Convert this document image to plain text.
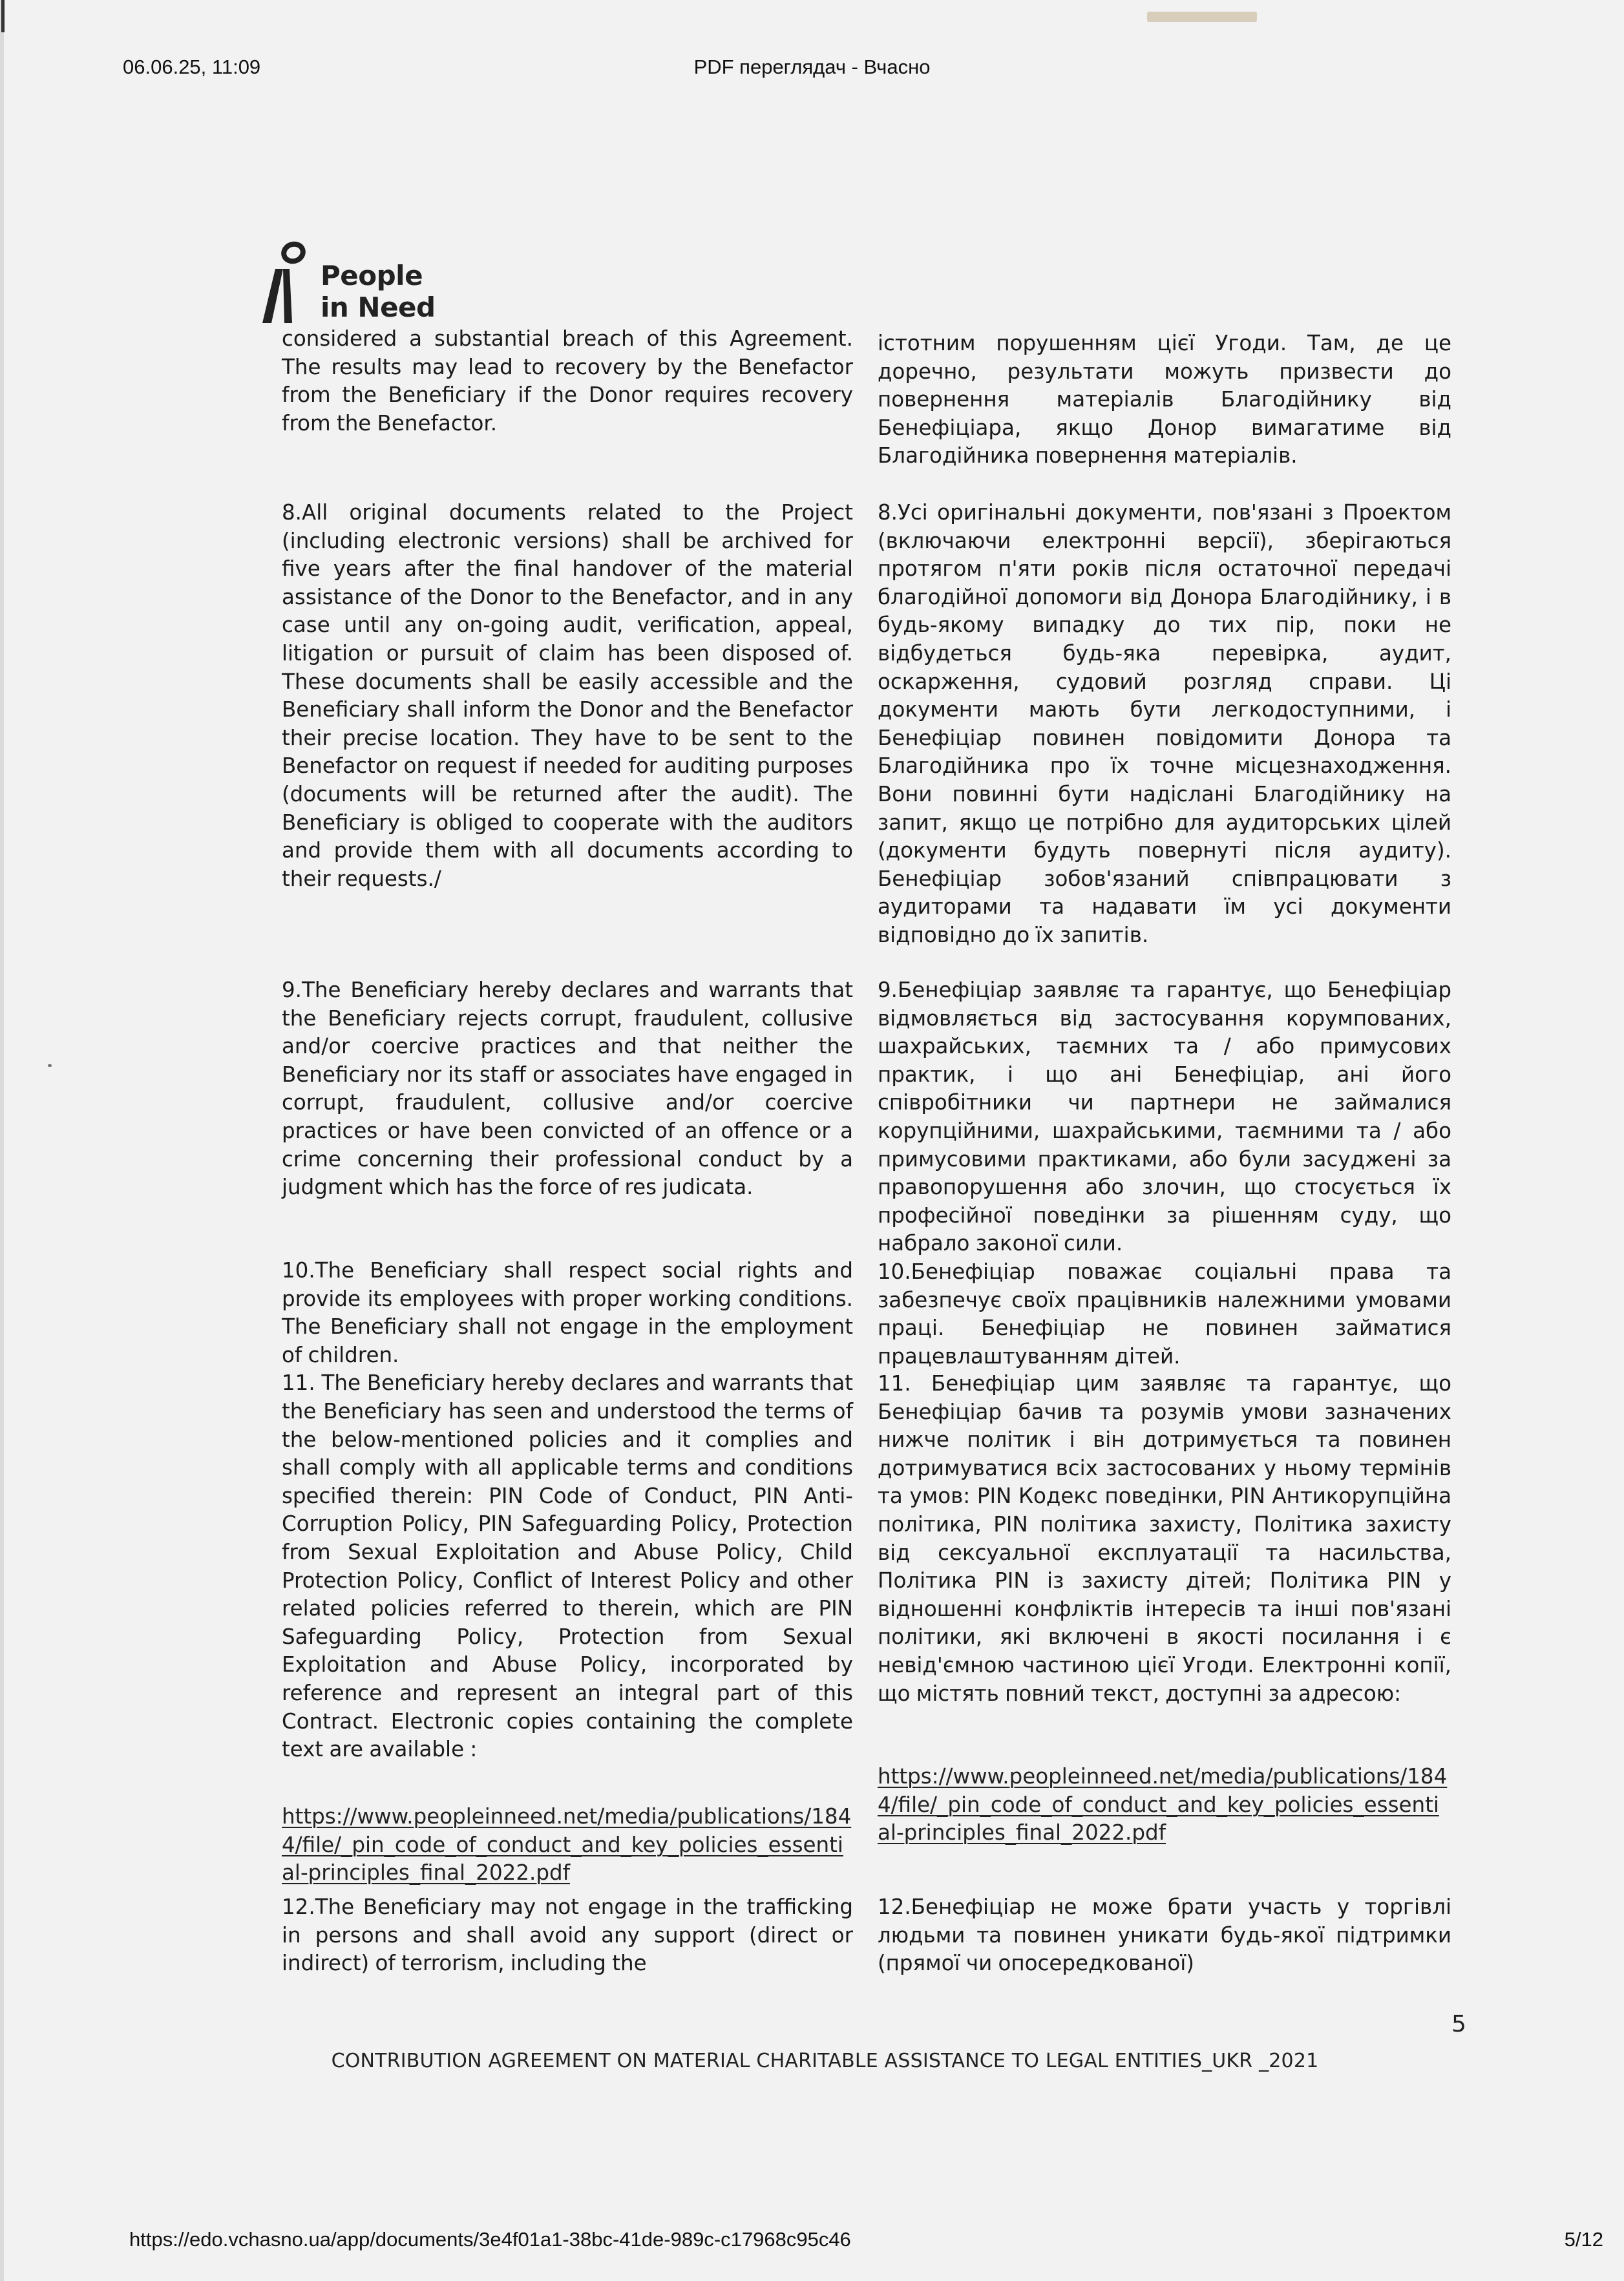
06.06.25, 11:09	PDF переглядач - Вчасно
People
in Need

considered a substantial breach of this Agreement. The results may lead to recovery by the Benefactor from the Beneficiary if the Donor requires recovery from the Benefactor.

8.All original documents related to the Project (including electronic versions) shall be archived for five years after the final handover of the material assistance of the Donor to the Benefactor, and in any case until any on-going audit, verification, appeal, litigation or pursuit of claim has been disposed of. These documents shall be easily accessible and the Beneficiary shall inform the Donor and the Benefactor their precise location. They have to be sent to the Benefactor on request if needed for auditing purposes (documents will be returned after the audit). The Beneficiary is obliged to cooperate with the auditors and provide them with all documents according to their requests./

9.The Beneficiary hereby declares and warrants that the Beneficiary rejects corrupt, fraudulent, collusive and/or coercive practices and that neither the Beneficiary nor its staff or associates have engaged in corrupt, fraudulent, collusive and/or coercive practices or have been convicted of an offence or a crime concerning their professional conduct by a judgment which has the force of res judicata.

10.The Beneficiary shall respect social rights and provide its employees with proper working conditions. The Beneficiary shall not engage in the employment of children.

11. The Beneficiary hereby declares and warrants that the Beneficiary has seen and understood the terms of the below-mentioned policies and it complies and shall comply with all applicable terms and conditions specified therein: PIN Code of Conduct, PIN Anti-Corruption Policy, PIN Safeguarding Policy, Protection from Sexual Exploitation and Abuse Policy, Child Protection Policy, Conflict of Interest Policy and other related policies referred to therein, which are PIN Safeguarding Policy, Protection from Sexual Exploitation and Abuse Policy, incorporated by reference and represent an integral part of this Contract. Electronic copies containing the complete text are available :

https://www.peopleinneed.net/media/publications/1844/file/_pin_code_of_conduct_and_key_policies_essential-principles_final_2022.pdf

12.The Beneficiary may not engage in the trafficking in persons and shall avoid any support (direct or indirect) of terrorism, including the

істотним порушенням цієї Угоди. Там, де це доречно, результати можуть призвести до повернення матеріалів Благодійнику від Бенефіціара, якщо Донор вимагатиме від Благодійника повернення матеріалів.

8.Усі оригінальні документи, пов'язані з Проектом (включаючи електронні версії), зберігаються протягом п'яти років після остаточної передачі благодійної допомоги від Донора Благодійнику, і в будь-якому випадку до тих пір, поки не відбудеться будь-яка перевірка, аудит, оскарження, судовий розгляд справи. Ці документи мають бути легкодоступними, і Бенефіціар повинен повідомити Донора та Благодійника про їх точне місцезнаходження. Вони повинні бути надіслані Благодійнику на запит, якщо це потрібно для аудиторських цілей (документи будуть повернуті після аудиту). Бенефіціар зобов'язаний співпрацювати з аудиторами та надавати їм усі документи відповідно до їх запитів.

9.Бенефіціар заявляє та гарантує, що Бенефіціар відмовляється від застосування корумпованих, шахрайських, таємних та / або примусових практик, і що ані Бенефіціар, ані його співробітники чи партнери не займалися корупційними, шахрайськими, таємними та / або примусовими практиками, або були засуджені за правопорушення або злочин, що стосується їх професійної поведінки за рішенням суду, що набрало законої сили.

10.Бенефіціар поважає соціальні права та забезпечує своїх працівників належними умовами праці. Бенефіціар не повинен займатися працевлаштуванням дітей.

11. Бенефіціар цим заявляє та гарантує, що Бенефіціар бачив та розумів умови зазначених нижче політик і він дотримується та повинен дотримуватися всіх застосованих у ньому термінів та умов: PIN Кодекс поведінки, PIN Антикорупційна політика, PIN політика захисту, Політика захисту від сексуальної експлуатації та насильства, Політика PIN із захисту дітей; Політика PIN у відношенні конфліктів інтересів та інші пов'язані політики, які включені в якості посилання і є невід'ємною частиною цієї Угоди. Електронні копії, що містять повний текст, доступні за адресою:

https://www.peopleinneed.net/media/publications/1844/file/_pin_code_of_conduct_and_key_policies_essential-principles_final_2022.pdf

12.Бенефіціар не може брати участь у торгівлі людьми та повинен уникати будь-якої підтримки (прямої чи опосередкованої)

5
CONTRIBUTION AGREEMENT ON MATERIAL CHARITABLE ASSISTANCE TO LEGAL ENTITIES_UKR _2021
https://edo.vchasno.ua/app/documents/3e4f01a1-38bc-41de-989c-c17968c95c46	5/12
